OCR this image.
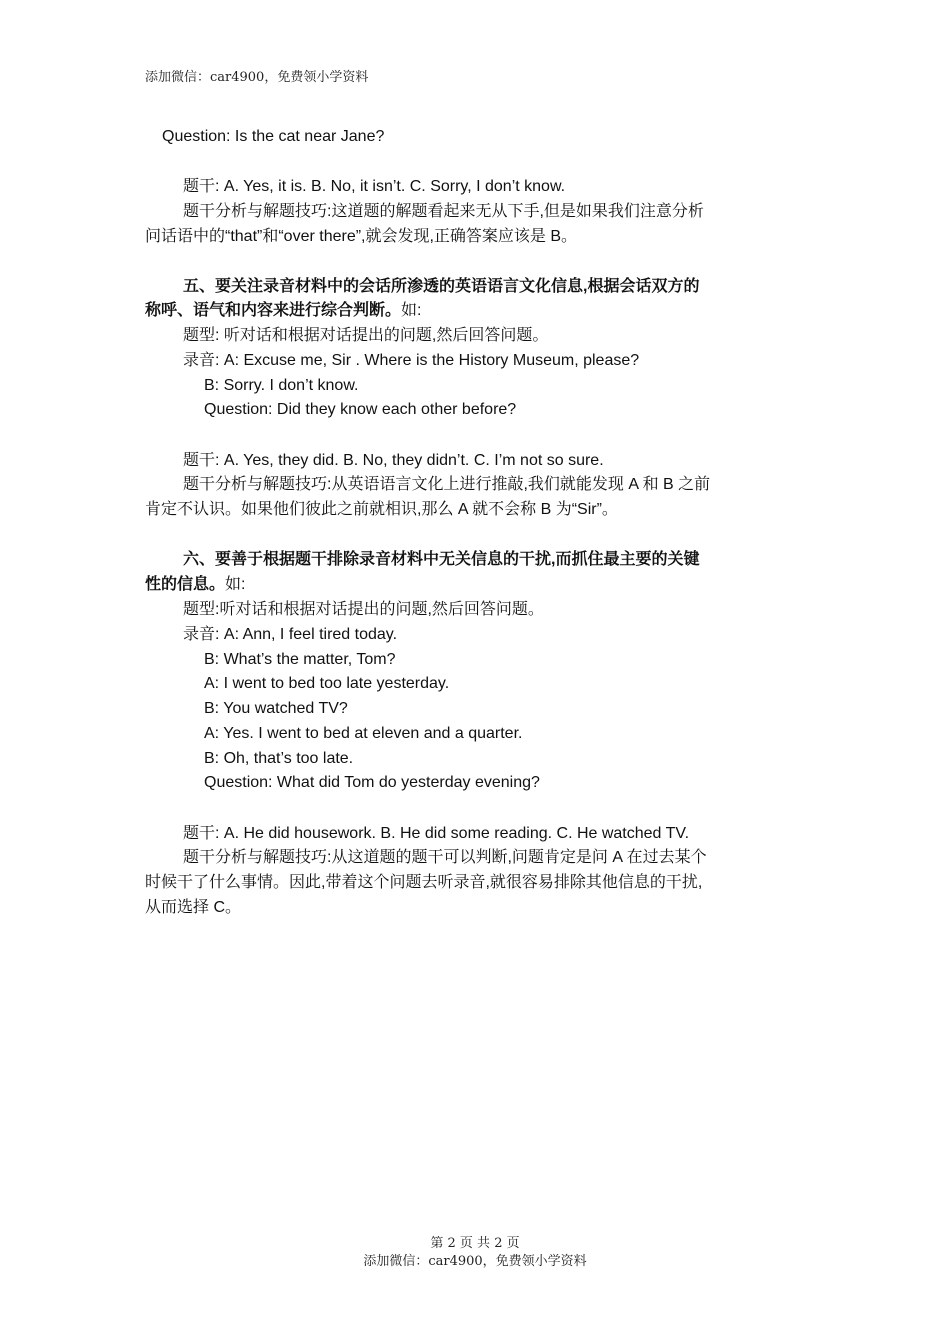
添加微信：car4900，免费领小学资料
Question: Is the cat near Jane?
题干: A. Yes, it is. B. No, it isn’t. C. Sorry, I don’t know.
题干分析与解题技巧:这道题的解题看起来无从下手,但是如果我们注意分析
问话语中的“that”和“over there”,就会发现,正确答案应该是 B。
五、要关注录音材料中的会话所渗透的英语语言文化信息,根据会话双方的
称呼、语气和内容来进行综合判断。如:
题型: 听对话和根据对话提出的问题,然后回答问题。
录音: A: Excuse me, Sir . Where is the History Museum, please?
B: Sorry. I don’t know.
Question: Did they know each other before?
题干: A. Yes, they did. B. No, they didn’t. C. I’m not so sure.
题干分析与解题技巧:从英语语言文化上进行推敲,我们就能发现 A 和 B 之前
肯定不认识。如果他们彼此之前就相识,那么 A 就不会称 B 为“Sir”。
六、要善于根据题干排除录音材料中无关信息的干扰,而抓住最主要的关键
性的信息。如:
题型:听对话和根据对话提出的问题,然后回答问题。
录音: A: Ann, I feel tired today.
B: What’s the matter, Tom?
A: I went to bed too late yesterday.
B: You watched TV?
A: Yes. I went to bed at eleven and a quarter.
B: Oh, that’s too late.
Question: What did Tom do yesterday evening?
题干: A. He did housework. B. He did some reading. C. He watched TV.
题干分析与解题技巧:从这道题的题干可以判断,问题肯定是问 A 在过去某个
时候干了什么事情。因此,带着这个问题去听录音,就很容易排除其他信息的干扰,
从而选择 C。
第 2 页 共 2 页
添加微信：car4900，免费领小学资料
